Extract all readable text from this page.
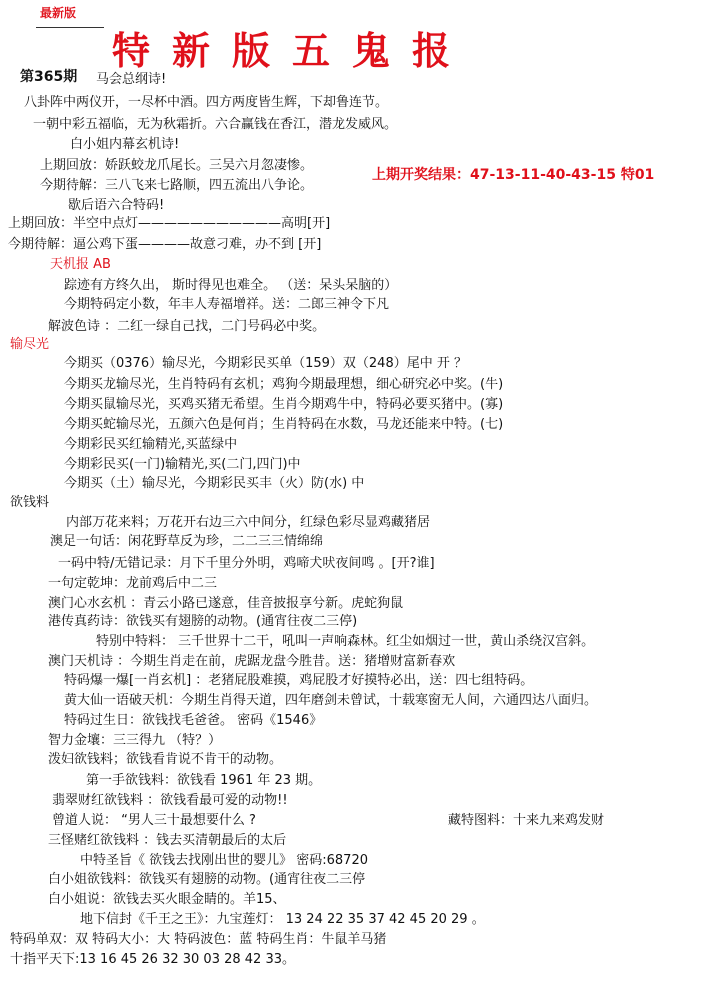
最新版
特新版五鬼报
第365期 马会总纲诗!
上期开奖结果：47-13-11-40-43-15 特01
八卦阵中两仪开，一尽杯中酒。四方两度皆生辉，下却鲁连节。
一朝中彩五福临，无为秋霜折。六合赢钱在香江，潜龙发威风。
白小姐内幕玄机诗!
上期回放：娇跃蛟龙爪尾长。三吴六月忽凄惨。
今期待解：三八飞来七路顺，四五流出八争论。
歇后语六合特码!
上期回放：半空中点灯———————————高明[开]
今期待解：逼公鸡下蛋————故意刁难，办不到 [开]
天机报 AB
踪迹有方终久出， 斯时得见也难全。 （送：呆头呆脑的）
今期特码定小数，年丰人寿福增祥。送：二郎三神令下凡
解波色诗 ：二红一绿自己找，二门号码必中奖。
输尽光
今期买（0376）输尽光，今期彩民买单（159）双（248）尾中 开 ？
今期买龙输尽光，生肖特码有玄机；鸡狗今期最理想，细心研究必中奖。(牛)
今期买鼠输尽光，买鸡买猪无希望。生肖今期鸡牛中，特码必要买猪中。(寡)
今期买蛇输尽光，五颜六色是何肖；生肖特码在水数，马龙还能来中特。(七)
今期彩民买红输精光,买蓝绿中
今期彩民买(一门)输精光,买(二门,四门)中
今期买（土）输尽光，今期彩民买丰（火）防(水) 中
欲钱料
内部万花来料；万花开右边三六中间分，红绿色彩尽显鸡藏猪居
澳足一句话：闲花野草反为珍，二二三三情绵绵
一码中特/无错记录：月下千里分外明，鸡啼犬吠夜间鸣 。[开?谁]
一句定乾坤：龙前鸡后中二三
澳门心水玄机 ：青云小路已遂意，佳音披报享兮新。虎蛇狗鼠
港传真药诗：欲钱买有翅膀的动物。(通宵往夜二三停)
特别中特料： 三千世界十二干，吼叫一声响森林。红尘如烟过一世，黄山杀绕汉宫斜。
澳门天机诗 ：今期生肖走在前，虎踞龙盘今胜昔。送：猪增财富新春欢
特码爆一爆[一肖玄机] ：老猪屁股难摸，鸡屁股才好摸特必出，送：四七组特码。
黄大仙一语破天机：今期生肖得天道，四年磨剑未曾试，十载寒窗无人间，六通四达八面归。
特码过生日：欲钱找毛爸爸。 密码《1546》
智力金壤：三三得九 （特？）
泼妇欲钱料；欲钱看肯说不肯干的动物。
第一手欲钱料：欲钱看 1961 年 23 期。
翡翠财红欲钱料 ：欲钱看最可爱的动物!!
曾道人说： “男人三十最想要什么 ?	藏特图料：十来九来鸡发财
三怪赌红欲钱料 ：钱去买清朝最后的太后
中特圣旨《 欲钱去找刚出世的婴儿》 密码:68720
白小姐欲钱料：欲钱买有翅膀的动物。(通宵往夜二三停
白小姐说：欲钱去买火眼金睛的。羊15、
地下信封《千王之王》：九宝莲灯： 13 24 22 35 37 42 45 20 29 。
特码单双：双 特码大小：大 特码波色：蓝 特码生肖：牛鼠羊马猪
十指平天下:13 16 45 26 32 30 03 28 42 33。
